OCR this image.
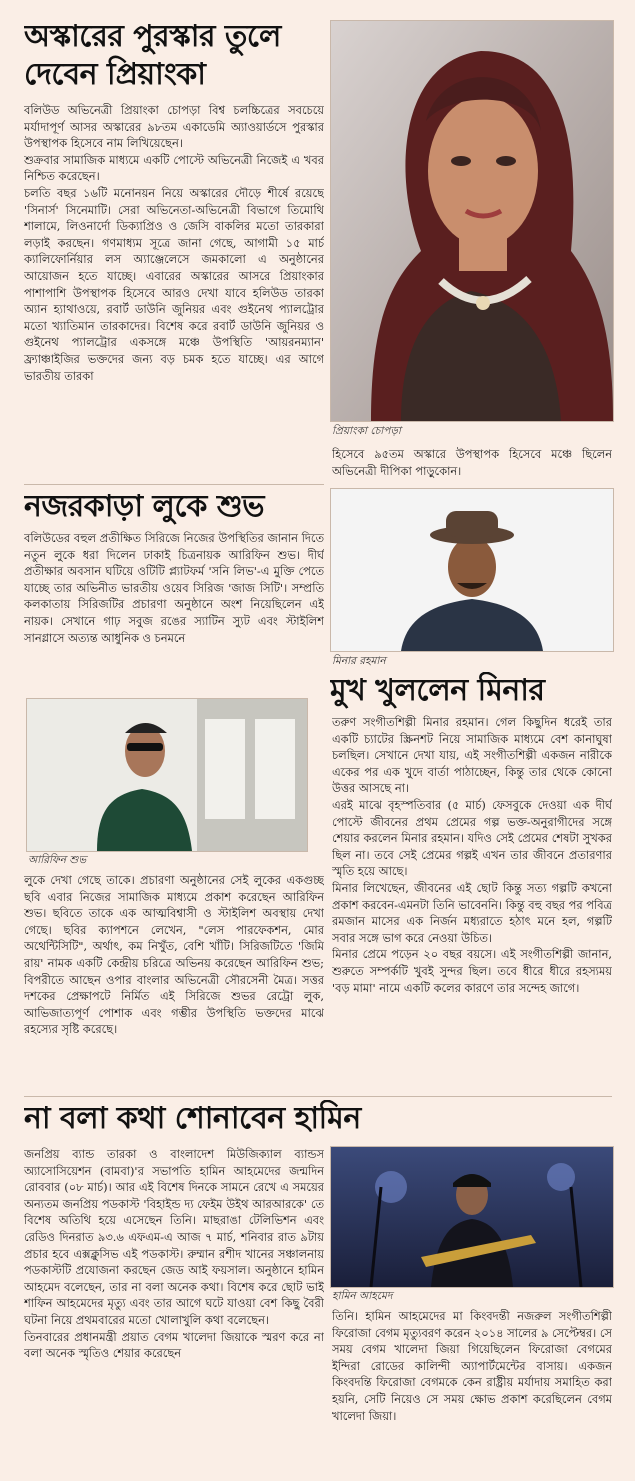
অস্কারের পুরস্কার তুলে দেবেন প্রিয়াংকা

বলিউড অভিনেত্রী প্রিয়াংকা চোপড়া বিশ্ব চলচ্চিত্রের সবচেয়ে মর্যাদাপূর্ণ আসর অস্কারের ৯৮তম একাডেমি অ্যাওয়ার্ডসে পুরস্কার উপস্থাপক হিসেবে নাম লিখিয়েছেন।

শুক্রবার সামাজিক মাধ্যমে একটি পোস্টে অভিনেত্রী নিজেই এ খবর নিশ্চিত করেছেন।

চলতি বছর ১৬টি মনোনয়ন নিয়ে অস্কারের দৌড়ে শীর্ষে রয়েছে 'সিনার্স' সিনেমাটি। সেরা অভিনেতা-অভিনেত্রী বিভাগে তিমোথি শালামে, লিওনার্দো ডিক্যাপ্রিও ও জেসি বাকলির মতো তারকারা লড়াই করছেন। গণমাধ্যম সূত্রে জানা গেছে, আগামী ১৫ মার্চ ক্যালিফোর্নিয়ার লস অ্যাঞ্জেলেসে জমকালো এ অনুষ্ঠানের আয়োজন হতে যাচ্ছে। এবারের অস্কারের আসরে প্রিয়াংকার পাশাপাশি উপস্থাপক হিসেবে আরও দেখা যাবে হলিউড তারকা অ্যান হ্যাথাওয়ে, রবার্ট ডাউনি জুনিয়র এবং গুইনেথ প্যালট্রোর মতো খ্যাতিমান তারকাদের। বিশেষ করে রবার্ট ডাউনি জুনিয়র ও গুইনেথ প্যালট্রোর একসঙ্গে মঞ্চে উপস্থিতি 'আয়রনম্যান' ফ্র্যাঞ্চাইজির ভক্তদের জন্য বড় চমক হতে যাচ্ছে। এর আগে ভারতীয় তারকা

প্রিয়াংকা চোপড়া
হিসেবে ৯৫তম অস্কারে উপস্থাপক হিসেবে মঞ্চে ছিলেন অভিনেত্রী দীপিকা পাড়ুকোন।
নজরকাড়া লুকে শুভ

বলিউডের বহুল প্রতীক্ষিত সিরিজে নিজের উপস্থিতির জানান দিতে নতুন লুকে ধরা দিলেন ঢাকাই চিত্রনায়ক আরিফিন শুভ। দীর্ঘ প্রতীক্ষার অবসান ঘটিয়ে ওটিটি প্ল্যাটফর্ম 'সনি লিভ'-এ মুক্তি পেতে যাচ্ছে তার অভিনীত ভারতীয় ওয়েব সিরিজ 'জাজ সিটি'। সম্প্রতি কলকাতায় সিরিজটির প্রচারণা অনুষ্ঠানে অংশ নিয়েছিলেন এই নায়ক। সেখানে গাঢ় সবুজ রঙের স্যাটিন স্যুট এবং স্টাইলিশ সানগ্লাসে অত্যন্ত আধুনিক ও চনমনে

আরিফিন শুভ

লুকে দেখা গেছে তাকে। প্রচারণা অনুষ্ঠানের সেই লুকের একগুচ্ছ ছবি এবার নিজের সামাজিক মাধ্যমে প্রকাশ করেছেন আরিফিন শুভ। ছবিতে তাকে এক আত্মবিশ্বাসী ও স্টাইলিশ অবস্থায় দেখা গেছে। ছবির ক্যাপশনে লেখেন, "লেস পারফেকশন, মোর অথেন্টিসিটি", অর্থাৎ, কম নিখুঁত, বেশি খাঁটি। সিরিজটিতে 'জিমি রায়' নামক একটি কেন্দ্রীয় চরিত্রে অভিনয় করেছেন আরিফিন শুভ; বিপরীতে আছেন ওপার বাংলার অভিনেত্রী সৌরসেনী মৈত্র। সত্তর দশকের প্রেক্ষাপটে নির্মিত এই সিরিজে শুভর রেট্রো লুক, আভিজাত্যপূর্ণ পোশাক এবং গম্ভীর উপস্থিতি ভক্তদের মাঝে রহস্যের সৃষ্টি করেছে।

মিনার রহমান
মুখ খুললেন মিনার

তরুণ সংগীতশিল্পী মিনার রহমান। গেল কিছুদিন ধরেই তার একটি চ্যাটের স্ক্রিনশট নিয়ে সামাজিক মাধ্যমে বেশ কানাঘুষা চলছিল। সেখানে দেখা যায়, এই সংগীতশিল্পী একজন নারীকে একের পর এক খুদে বার্তা পাঠাচ্ছেন, কিন্তু তার থেকে কোনো উত্তর আসছে না।

এরই মাঝে বৃহস্পতিবার (৫ মার্চ) ফেসবুকে দেওয়া এক দীর্ঘ পোস্টে জীবনের প্রথম প্রেমের গল্প ভক্ত-অনুরাগীদের সঙ্গে শেয়ার করলেন মিনার রহমান। যদিও সেই প্রেমের শেষটা সুখকর ছিল না। তবে সেই প্রেমের গল্পই এখন তার জীবনে প্রতারণার স্মৃতি হয়ে আছে।

মিনার লিখেছেন, জীবনের এই ছোট কিন্তু সত্য গল্পটি কখনো প্রকাশ করবেন-এমনটা তিনি ভাবেননি। কিন্তু বহু বছর পর পবিত্র রমজান মাসের এক নির্জন মধ্যরাতে হঠাৎ মনে হল, গল্পটি সবার সঙ্গে ভাগ করে নেওয়া উচিত।

মিনার প্রেমে পড়েন ২০ বছর বয়সে। এই সংগীতশিল্পী জানান, শুরুতে সম্পর্কটি খুবই সুন্দর ছিল। তবে ধীরে ধীরে রহস্যময় 'বড় মামা' নামে একটি কলের কারণে তার সন্দেহ জাগে।

না বলা কথা শোনাবেন হামিন

জনপ্রিয় ব্যান্ড তারকা ও বাংলাদেশ মিউজিক্যাল ব্যান্ডস অ্যাসোসিয়েশন (বামবা)'র সভাপতি হামিন আহমেদের জন্মদিন রোববার (০৮ মার্চ)। আর এই বিশেষ দিনকে সামনে রেখে এ সময়ের অন্যতম জনপ্রিয় পডকাস্ট 'বিহাইন্ড দ্য ফেইম উইথ আরআরকে' তে বিশেষ অতিথি হয়ে এসেছেন তিনি। মাছরাঙা টেলিভিশন এবং রেডিও দিনরাত ৯৩.৬ এফএম-এ আজ ৭ মার্চ, শনিবার রাত ৯টায় প্রচার হবে এক্সক্লুসিভ এই পডকাস্ট। রুম্মান রশীদ খানের সঞ্চালনায় পডকাস্টটি প্রযোজনা করছেন জেড আই ফয়সাল। অনুষ্ঠানে হামিন আহমেদ বলেছেন, তার না বলা অনেক কথা। বিশেষ করে ছোট ভাই শাফিন আহমেদের মৃত্যু এবং তার আগে ঘটে যাওয়া বেশ কিছু বৈরী ঘটনা নিয়ে প্রথমবারের মতো খোলাখুলি কথা বলেছেন।

তিনবারের প্রধানমন্ত্রী প্রয়াত বেগম খালেদা জিয়াকে স্মরণ করে না বলা অনেক স্মৃতিও শেয়ার করেছেন

হামিন আহমেদ
তিনি। হামিন আহমেদের মা কিংবদন্তী নজরুল সংগীতশিল্পী ফিরোজা বেগম মৃত্যুবরণ করেন ২০১৪ সালের ৯ সেপ্টেম্বর। সে সময় বেগম খালেদা জিয়া গিয়েছিলেন ফিরোজা বেগমের ইন্দিরা রোডের কালিন্দী অ্যাপার্টমেন্টের বাসায়। একজন কিংবদন্তি ফিরোজা বেগমকে কেন রাষ্ট্রীয় মর্যাদায় সমাহিত করা হয়নি, সেটি নিয়েও সে সময় ক্ষোভ প্রকাশ করেছিলেন বেগম খালেদা জিয়া।
